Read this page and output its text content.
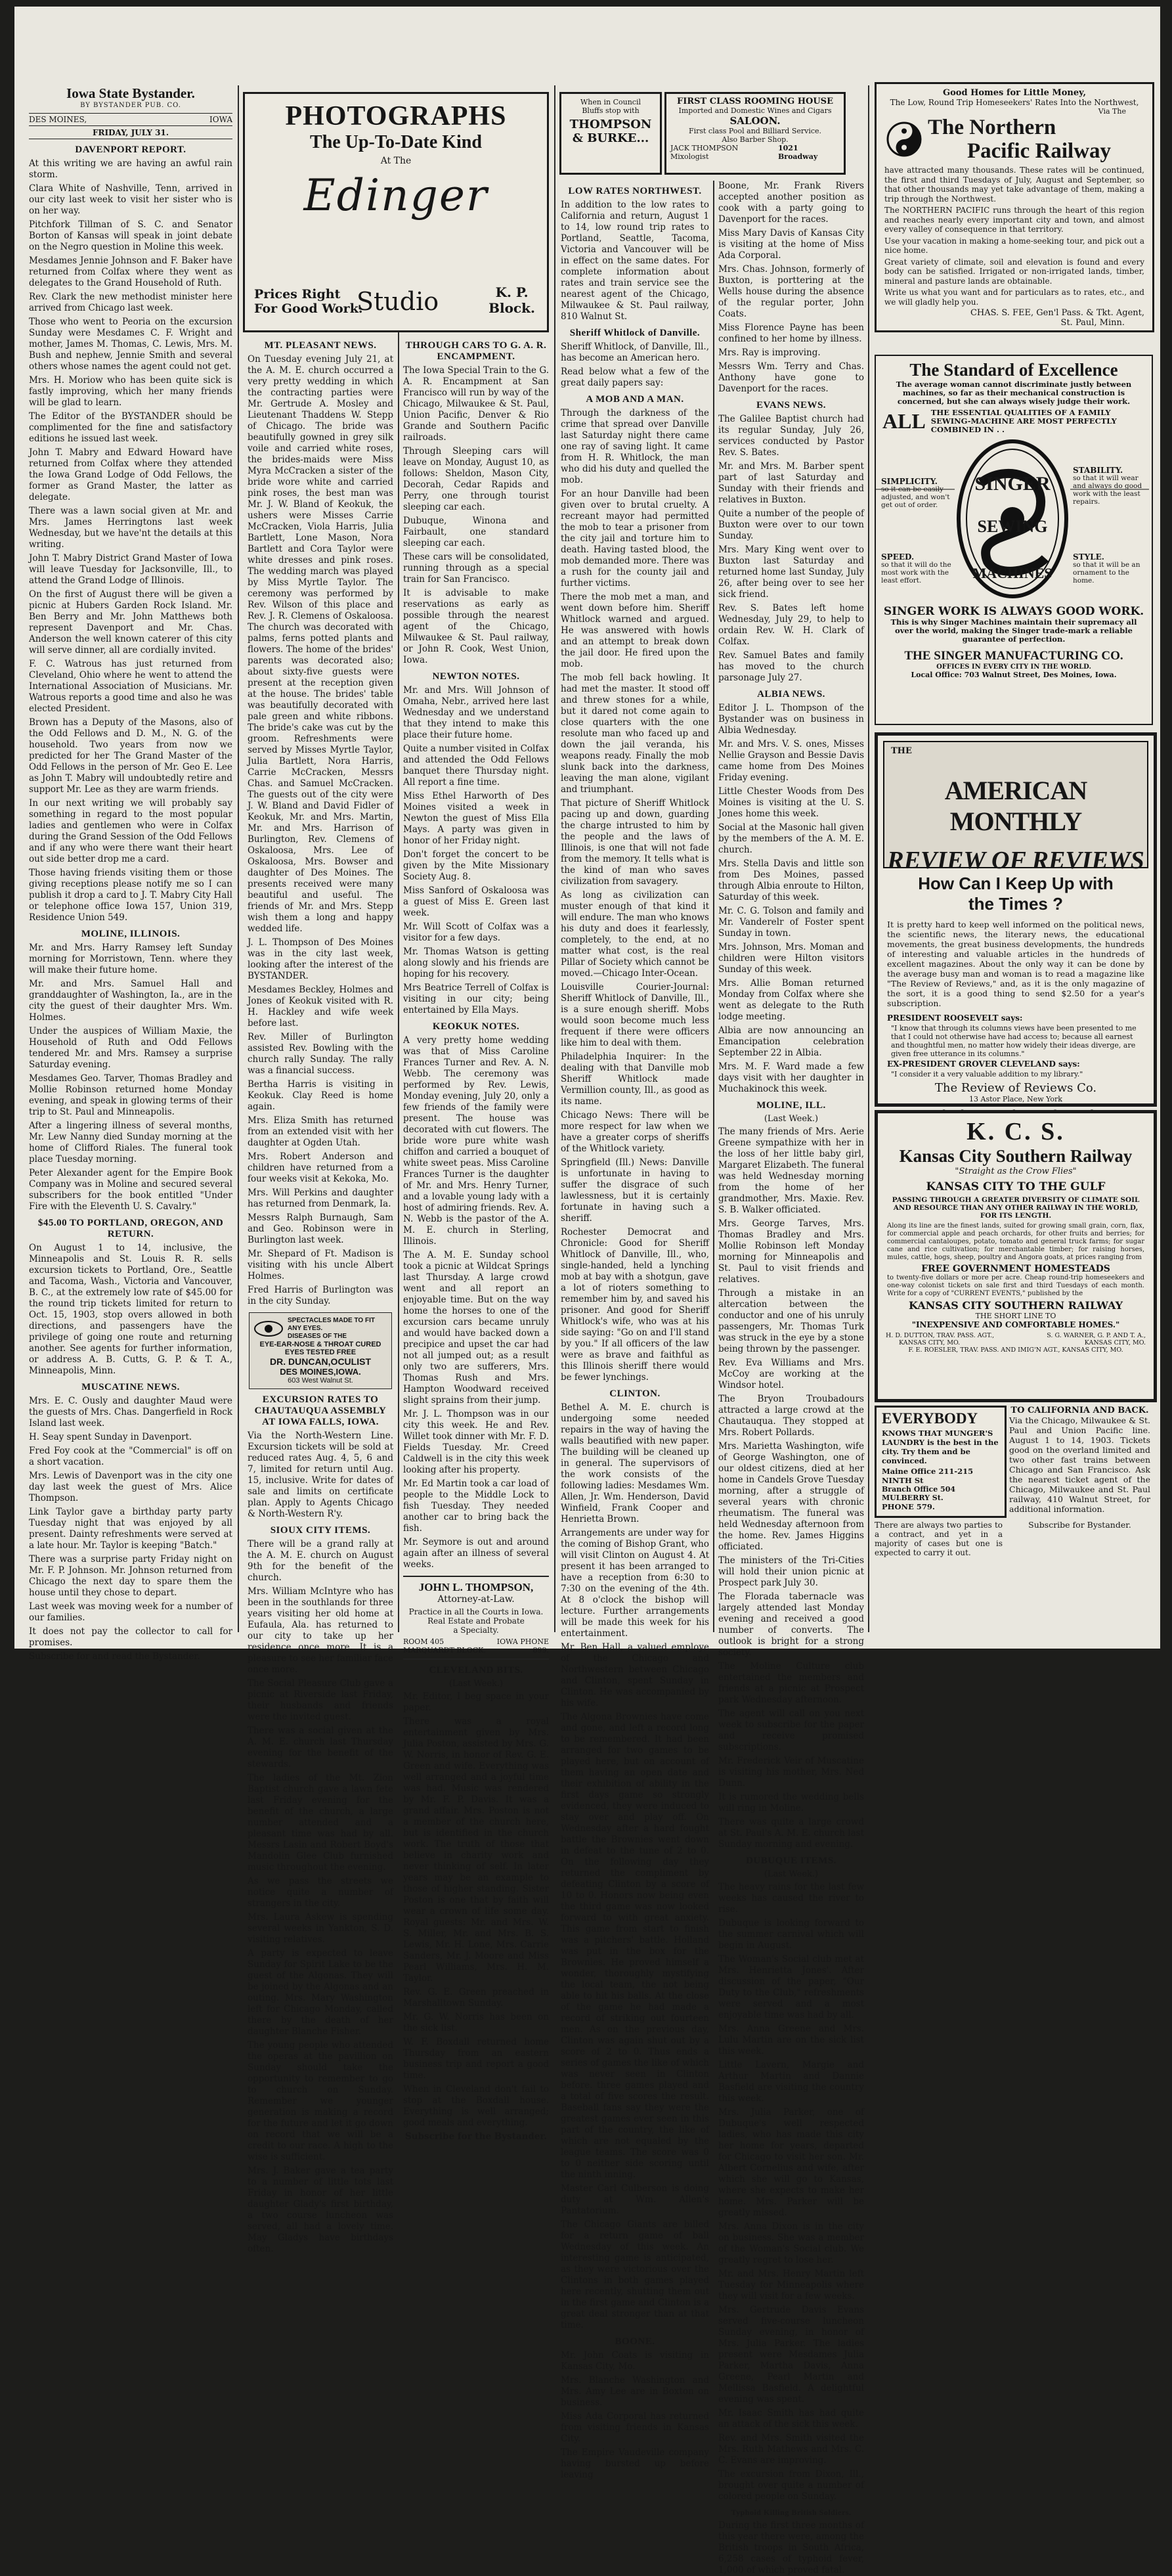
Iowa State Bystander.
BY BYSTANDER PUB. CO.
DES MOINES,	IOWA
FRIDAY, JULY 31.
DAVENPORT REPORT.

At this writing we are having an awful rain storm.

Clara White of Nashville, Tenn, arrived in our city last week to visit her sister who is on her way.

Pitchfork Tillman of S. C. and Senator Borton of Kansas will speak in joint debate on the Negro question in Moline this week.

Mesdames Jennie Johnson and F. Baker have returned from Colfax where they went as delegates to the Grand Household of Ruth.

Rev. Clark the new methodist minister here arrived from Chicago last week.

Those who went to Peoria on the excursion Sunday were Mesdames C. F. Wright and mother, James M. Thomas, C. Lewis, Mrs. M. Bush and nephew, Jennie Smith and several others whose names the agent could not get.

Mrs. H. Moriow who has been quite sick is fastly improving, which her many friends will be glad to learn.

The Editor of the BYSTANDER should be complimented for the fine and satisfactory editions he issued last week.

John T. Mabry and Edward Howard have returned from Colfax where they attended the Iowa Grand Lodge of Odd Fellows, the former as Grand Master, the latter as delegate.

There was a lawn social given at Mr. and Mrs. James Herringtons last week Wednesday, but we have'nt the details at this writing.

John T. Mabry District Grand Master of Iowa will leave Tuesday for Jacksonville, Ill., to attend the Grand Lodge of Illinois.

On the first of August there will be given a picnic at Hubers Garden Rock Island. Mr. Ben Berry and Mr. John Matthews both represent Davenport and Mr. Chas. Anderson the well known caterer of this city will serve dinner, all are cordially invited.

F. C. Watrous has just returned from Cleveland, Ohio where he went to attend the International Association of Musicians. Mr. Watrous reports a good time and also he was elected President.

Brown has a Deputy of the Masons, also of the Odd Fellows and D. M., N. G. of the household. Two years from now we predicted for her The Grand Master of the Odd Fellows in the person of Mr. Geo E. Lee as John T. Mabry will undoubtedly retire and support Mr. Lee as they are warm friends.

In our next writing we will probably say something in regard to the most popular ladies and gentlemen who were in Colfax during the Grand Session of the Odd Fellows and if any who were there want their heart out side better drop me a card.

Those having friends visiting them or those giving receptions please notify me so I can publish it drop a card to J. T. Mabry City Hall or telephone office Iowa 157, Union 319, Residence Union 549.

MOLINE, ILLINOIS.

Mr. and Mrs. Harry Ramsey left Sunday morning for Morristown, Tenn. where they will make their future home.

Mr. and Mrs. Samuel Hall and granddaughter of Washington, Ia., are in the city the guest of their daughter Mrs. Wm. Holmes.

Under the auspices of William Maxie, the Household of Ruth and Odd Fellows tendered Mr. and Mrs. Ramsey a surprise Saturday evening.

Mesdames Geo. Tarver, Thomas Bradley and Mollie Robinson returned home Monday evening, and speak in glowing terms of their trip to St. Paul and Minneapolis.

After a lingering illness of several months, Mr. Lew Nanny died Sunday morning at the home of Clifford Riales. The funeral took place Tuesday morning.

Peter Alexander agent for the Empire Book Company was in Moline and secured several subscribers for the book entitled "Under Fire with the Eleventh U. S. Cavalry."

$45.00 TO PORTLAND, OREGON, AND RETURN.

On August 1 to 14, inclusive, the Minneapolis and St. Louis R. R. sells excursion tickets to Portland, Ore., Seattle and Tacoma, Wash., Victoria and Vancouver, B. C., at the extremely low rate of $45.00 for the round trip tickets limited for return to Oct. 15, 1903, stop overs allowed in both directions, and passengers have the privilege of going one route and returning another. See agents for further information, or address A. B. Cutts, G. P. & T. A., Minneapolis, Minn.

MUSCATINE NEWS.

Mrs. E. C. Ously and daughter Maud were the guests of Mrs. Chas. Dangerfield in Rock Island last week.

H. Seay spent Sunday in Davenport.

Fred Foy cook at the "Commercial" is off on a short vacation.

Mrs. Lewis of Davenport was in the city one day last week the guest of Mrs. Alice Thompson.

Link Taylor gave a birthday party party Tuesday night that was enjoyed by all present. Dainty refreshments were served at a late hour. Mr. Taylor is keeping "Batch."

There was a surprise party Friday night on Mr. F. P. Johnson. Mr. Johnson returned from Chicago the next day to spare them the house until they chose to depart.

Last week was moving week for a number of our families.

It does not pay the collector to call for promises.

Subscribe for and read the Bystander.

PHOTOGRAPHS
The Up-To-Date Kind
At The
Edinger
Prices Right
For Good Work.
Studio	K. P.
Block.
MT. PLEASANT NEWS.

On Tuesday evening July 21, at the A. M. E. church occurred a very pretty wedding in which the contracting parties were Mr. Gertrude A. Mosley and Lieutenant Thaddens W. Stepp of Chicago. The bride was beautifully gowned in grey silk voile and carried white roses, the brides-maids were Miss Myra McCracken a sister of the bride wore white and carried pink roses, the best man was Mr. J. W. Bland of Keokuk, the ushers were Misses Carrie McCracken, Viola Harris, Julia Bartlett, Lone Mason, Nora Bartlett and Cora Taylor were white dresses and pink roses. The wedding march was played by Miss Myrtle Taylor. The ceremony was performed by Rev. Wilson of this place and Rev. J. R. Clemens of Oskaloosa. The church was decorated with palms, ferns potted plants and flowers. The home of the brides' parents was decorated also; about sixty-five guests were present at the reception given at the house. The brides' table was beautifully decorated with pale green and white ribbons. The bride's cake was cut by the groom. Refreshments were served by Misses Myrtle Taylor, Julia Bartlett, Nora Harris, Carrie McCracken, Messrs Chas. and Samuel McCracken. The guests out of the city were J. W. Bland and David Fidler of Keokuk, Mr. and Mrs. Martin, Mr. and Mrs. Harrison of Burlington, Rev. Clemens of Oskaloosa, Mrs. Lee of Oskaloosa, Mrs. Bowser and daughter of Des Moines. The presents received were many beautiful and useful. The friends of Mr. and Mrs. Stepp wish them a long and happy wedded life.

J. L. Thompson of Des Moines was in the city last week, looking after the interest of the BYSTANDER.

Mesdames Beckley, Holmes and Jones of Keokuk visited with R. H. Hackley and wife week before last.

Rev. Miller of Burlington assisted Rev. Bowling with the church rally Sunday. The rally was a financial success.

Bertha Harris is visiting in Keokuk. Clay Reed is home again.

Mrs. Eliza Smith has returned from an extended visit with her daughter at Ogden Utah.

Mrs. Robert Anderson and children have returned from a four weeks visit at Kekoka, Mo.

Mrs. Will Perkins and daughter has returned from Denmark, Ia.

Messrs Ralph Burnaugh, Sam and Geo. Robinson were in Burlington last week.

Mr. Shepard of Ft. Madison is visiting with his uncle Albert Holmes.

Fred Harris of Burlington was in the city Sunday.

SPECTACLES MADE TO FIT ANY EYES.
DISEASES OF THE
EYE-EAR-NOSE & THROAT CURED
EYES TESTED FREE
DR. DUNCAN,OCULIST
DES MOINES,IOWA.
603 West Walnut St.
EXCURSION RATES TO CHAUTAUQUA ASSEMBLY AT IOWA FALLS, IOWA.

Via the North-Western Line. Excursion tickets will be sold at reduced rates Aug. 4, 5, 6 and 7, limited for return until Aug. 15, inclusive. Write for dates of sale and limits on certificate plan. Apply to Agents Chicago & North-Western R'y.

SIOUX CITY ITEMS.

There will be a grand rally at the A. M. E. church on August 9th for the benefit of the church.

Mrs. William McIntyre who has been in the southlands for three years visiting her old home at Eufaula, Ala. has returned to our city to take up her residence once more. It is a pleasure to see her familiar face once more.

The Social Pleasure Club gave a picnic at Riverside last Friday, their husbands and friends were the invited guest.

There was a social given at the A. M. E. church last Thursday evening for the benefit of the stewards.

The ladies of the Mt. Zion Baptist church gave a lawn fete last Friday evening for the benefit of the church, a large number attended and a pleasant time was had by all. Messrs Lasin and Robert Boyd's Mandolin Glee Club furnished music throughout the evening.

As we pass the streets we notice quite a number of strangers in the city.

Mrs. Laura Askew is spending several weeks in Yankton, S. D. visiting relatives.

A party is expected to leave Sunday for Spirit Lake to be the guest of the Algonas. They will be joined by the Algonas and an outing. Mrs. Mary Washington left for Chicago Monday, called there by the death of her daughter Blanche Fisher.

The young people who attended the operas at the pavillion on Sunday should take the opportunity to remember to go to church on Sunday. Remember we younger generation is making a record for the future and let it go down on record that we will be a credit to our race. A high to the wise is sufficient.

Mrs. J. Baker gave a tea party to a number of little tots last Friday in honor of her little daughter Glady's first birthday, a two course luncheon was served, all had a lovely time. May Gladys have birthdays often.

THROUGH CARS TO G. A. R. ENCAMPMENT.

The Iowa Special Train to the G. A. R. Encampment at San Francisco will run by way of the Chicago, Milwaukee & St. Paul, Union Pacific, Denver & Rio Grande and Southern Pacific railroads.

Through Sleeping cars will leave on Monday, August 10, as follows: Sheldon, Mason City, Decorah, Cedar Rapids and Perry, one through tourist sleeping car each.

Dubuque, Winona and Fairbault, one standard sleeping car each.

These cars will be consolidated, running through as a special train for San Francisco.

It is advisable to make reservations as early as possible through the nearest agent of the Chicago, Milwaukee & St. Paul railway, or John R. Cook, West Union, Iowa.

NEWTON NOTES.

Mr. and Mrs. Will Johnson of Omaha, Nebr., arrived here last Wednesday and we understand that they intend to make this place their future home.

Quite a number visited in Colfax and attended the Odd Fellows banquet there Thursday night. All report a fine time.

Miss Ethel Harworth of Des Moines visited a week in Newton the guest of Miss Ella Mays. A party was given in honor of her Friday night.

Don't forget the concert to be given by the Mite Missionary Society Aug. 8.

Miss Sanford of Oskaloosa was a guest of Miss E. Green last week.

Mr. Will Scott of Colfax was a visitor for a few days.

Mr. Thomas Watson is getting along slowly and his friends are hoping for his recovery.

Mrs Beatrice Terrell of Colfax is visiting in our city; being entertained by Ella Mays.

KEOKUK NOTES.

A very pretty home wedding was that of Miss Caroline Frances Turner and Rev. A. N. Webb. The ceremony was performed by Rev. Lewis, Monday evening, July 20, only a few friends of the family were present. The house was decorated with cut flowers. The bride wore pure white wash chiffon and carried a bouquet of white sweet peas. Miss Caroline Frances Turner is the daughter of Mr. and Mrs. Henry Turner, and a lovable young lady with a host of admiring friends. Rev. A. N. Webb is the pastor of the A. M. E. church in Sterling, Illinois.

The A. M. E. Sunday school took a picnic at Wildcat Springs last Thursday. A large crowd went and all report an enjoyable time. But on the way home the horses to one of the excursion cars became unruly and would have backed down a precipice and upset the car had not all jumped out; as a result only two are sufferers, Mrs. Thomas Rush and Mrs. Hampton Woodward received slight sprains from their jump.

Mr. J. L. Thompson was in our city this week. He and Rev. Willet took dinner with Mr. F. D. Fields Tuesday. Mr. Creed Caldwell is in the city this week looking after his property.

Mr. Ed Martin took a car load of people to the Middle Lock to fish Tuesday. They needed another car to bring back the fish.

Mr. Seymore is out and around again after an illness of several weeks.

JOHN L. THOMPSON,
Attorney-at-Law.
Practice in all the Courts in Iowa.
Real Estate and Probate
a Specialty.
ROOM 405
MARQUARDT BLOCK.
IOWA PHONE
899.
CLEVELAND BITS.
(Last Week.)

Mr. Editor, I beg space in your paper.

There was a royal entertainment given by Mrs. Julia Poston, assisted by Mrs. G. W. Norris, in honor of Rev. G. E. Green and wife. Everything was well arranged and a joyful time was had. Music was rendered by Mr. F. P. Davis. It was a grand affair. Mrs. Poston is not a member of the church here, but is identified in the church work. The truth of those that believe in charity work and never thinking of self. In later years may be an example to those of higher standing. Sister Poston is one that by faith will wear a crown of life some day. Royal guests: Mr. and Mrs. W. S. Miller, Mr. and Mrs. B. S. Lewis, Mr. H. Lone, Mrs. Carrie Sanders, Mr. J. Moore and Miss Pearl Williams, Mrs. H. M. Taylor.

Rev. G. E. Green preached in Marshalltown Sunday.

Mr. G. W. Norris has been on the sick list.

W. F. Boxdall returned home Thursday from an eastern business trip and report a good time.

When in Cleveland don't fail to stop at the Boxdall house. Everything is well arranged; good meals and everything.

Subscribe for the Bystander.

When in Council
Bluffs stop with
THOMPSON
& BURKE...
FIRST CLASS ROOMING HOUSE
Imported and Domestic Wines and Cigars
SALOON.
First class Pool and Billiard Service.
Also Barber Shop.
JACK THOMPSON Mixologist
1021 Broadway
LOW RATES NORTHWEST.

In addition to the low rates to California and return, August 1 to 14, low round trip rates to Portland, Seattle, Tacoma, Victoria and Vancouver will be in effect on the same dates. For complete information about rates and train service see the nearest agent of the Chicago, Milwaukee & St. Paul railway, 810 Walnut St.

Sheriff Whitlock of Danville.

Sheriff Whitlock, of Danville, Ill., has become an American hero.

Read below what a few of the great daily papers say:

A MOB AND A MAN.

Through the darkness of the crime that spread over Danville last Saturday night there came one ray of saving light. It came from H. R. Whitlock, the man who did his duty and quelled the mob.

For an hour Danville had been given over to brutal cruelty. A recreant mayor had permitted the mob to tear a prisoner from the city jail and torture him to death. Having tasted blood, the mob demanded more. There was a rush for the county jail and further victims.

There the mob met a man, and went down before him. Sheriff Whitlock warned and argued. He was answered with howls and an attempt to break down the jail door. He fired upon the mob.

The mob fell back howling. It had met the master. It stood off and threw stones for a while, but it dared not come again to close quarters with the one resolute man who faced up and down the jail veranda, his weapons ready. Finally the mob slunk back into the darkness, leaving the man alone, vigilant and triumphant.

That picture of Sheriff Whitlock pacing up and down, guarding the charge intrusted to him by the people and the laws of Illinois, is one that will not fade from the memory. It tells what is the kind of man who saves civilization from savagery.

As long as civilization can muster enough of that kind it will endure. The man who knows his duty and does it fearlessly, completely, to the end, at no matter what cost, is the real Pillar of Society which cannot be moved.—Chicago Inter-Ocean.

Louisville Courier-Journal: Sheriff Whitlock of Danville, Ill., is a sure enough sheriff. Mobs would soon become much less frequent if there were officers like him to deal with them.

Philadelphia Inquirer: In the dealing with that Danville mob Sheriff Whitlock made Vermillion county, Ill., as good as its name.

Chicago News: There will be more respect for law when we have a greater corps of sheriffs of the Whitlock variety.

Springfield (Ill.) News: Danville is unfortunate in having to suffer the disgrace of such lawlessness, but it is certainly fortunate in having such a sheriff.

Rochester Democrat and Chronicle: Good for Sheriff Whitlock of Danville, Ill., who, single-handed, held a lynching mob at bay with a shotgun, gave a lot of rioters something to remember him by, and saved his prisoner. And good for Sheriff Whitlock's wife, who was at his side saying: "Go on and I'll stand by you." If all officers of the law were as brave and faithful as this Illinois sheriff there would be fewer lynchings.

CLINTON.

Bethel A. M. E. church is undergoing some needed repairs in the way of having the walls beautified with new paper. The building will be cleaned up in general. The supervisors of the work consists of the following ladies: Mesdames Wm. Allen, Jr. Wm. Henderson, David Winfield, Frank Cooper and Henrietta Brown.

Arrangements are under way for the coming of Bishop Grant, who will visit Clinton on August 4. At present it has been arranged to have a reception from 6:30 to 7:30 on the evening of the 4th. At 8 o'clock the bishop will lecture. Further arrangements will be made this week for his entertainment.

Mr. Ben Hall, a valued employe of the Chicago and Northwestern between Chicago and Clinton, spent Sunday in Clinton. He was accompanied by his wife.

The Algona Brownies have come and gone, and left a record long to be remembered. It had been arranged for two games to be played here, but on account of them having an open date and their exhibition of ability in the first days game so strongly evidenced, they were induced to stay over and play off. On Wednesday after a hard fought battle the Brownies went down in defeat to the tune of 2 to 0. On the following day they returned the compliment by defeating Clinton by a score of 10 to 0. Honors now being even the third game was now looked forward to with great anxiety. This game from start to finish was a pitchers' battle. Holland was put in the box for the Brownies. He proved himself a wonder, thoroughly mystifying the local team, the not being able to hit his balls. At the close of the game he had made a record of striking out fourteen men. As on the previous day, Clinton was again shut out by a score of 2 to 0. Thus ends a series of games the like of which was never seen in Clinton before. three games played and a total of five scores the result. Baseball fans say they were the greatest games ever seen in this part of the country, the like of which are not equaled by the league teams. The score was 0 to 0 neither side scoring until the ninth inning.

Master Carl Culberson is doing duty at Wm. Allen's Pantatorium.

The Chicago Giants are billed for a return game of ball Wednesday of this week. An interesting game is anticipated, as they were victorious over the Clintons in both games played here recently, shutting them out in the first game and Clinton is a great deal stronger than at that time.

BOONE.

Mr. John Coats is visiting in Kansas City, Mo.

Mrs. Blanche Washington and Mrs. Amy Lee are in Boxton on business.

Miss Ada Corporal has returned from visiting friends in Kansas City.

The Empire Vaudeville company having bursted up before leaving

Boone, Mr. Frank Rivers accepted another position as cook with a party going to Davenport for the races.

Miss Mary Davis of Kansas City is visiting at the home of Miss Ada Corporal.

Mrs. Chas. Johnson, formerly of Buxton, is porttering at the Wells house during the absence of the regular porter, John Coats.

Miss Florence Payne has been confined to her home by illness.

Mrs. Ray is improving.

Messrs Wm. Terry and Chas. Anthony have gone to Davenport for the races.

EVANS NEWS.

The Galilee Baptist church had its regular Sunday, July 26, services conducted by Pastor Rev. S. Bates.

Mr. and Mrs. M. Barber spent part of last Saturday and Sunday with their friends and relatives in Buxton.

Quite a number of the people of Buxton were over to our town Sunday.

Mrs. Mary King went over to Buxton last Saturday and returned home last Sunday, July 26, after being over to see her sick friend.

Rev. S. Bates left home Wednesday, July 29, to help to ordain Rev. W. H. Clark of Colfax.

Rev. Samuel Bates and family has moved to the church parsonage July 27.

ALBIA NEWS.

Editor J. L. Thompson of the Bystander was on business in Albia Wednesday.

Mr. and Mrs. V. S. ones, Misses Nellie Grayson and Bessie Davis came home from Des Moines Friday evening.

Little Chester Woods from Des Moines is visiting at the U. S. Jones home this week.

Social at the Masonic hall given by the members of the A. M. E. church.

Mrs. Stella Davis and little son from Des Moines, passed through Albia enroute to Hilton, Saturday of this week.

Mr. C. G. Tolson and family and Mr. Vanderelr of Foster spent Sunday in town.

Mrs. Johnson, Mrs. Moman and children were Hilton visitors Sunday of this week.

Mrs. Allie Boman returned Monday from Colfax where she went as delegate to the Ruth lodge meeting.

Albia are now announcing an Emancipation celebration September 22 in Albia.

Mrs. M. F. Ward made a few days visit with her daughter in Muchakinock this week.

MOLINE, ILL.
(Last Week.)

The many friends of Mrs. Aerie Greene sympathize with her in the loss of her little baby girl, Margaret Elizabeth. The funeral was held Wednesday morning from the home of her grandmother, Mrs. Maxie. Rev. S. B. Walker officiated.

Mrs. George Tarves, Mrs. Thomas Bradley and Mrs. Mollie Robinson left Monday morning for Minneapolis and St. Paul to visit friends and relatives.

Through a mistake in an altercation between the conductor and one of his unruly passengers, Mr. Thomas Turk was struck in the eye by a stone being thrown by the passenger.

Rev. Eva Williams and Mrs. McCoy are working at the Windsor hotel.

The Bryon Troubadours attracted a large crowd at the Chautauqua. They stopped at Mrs. Robert Pollards.

Mrs. Marietta Washington, wife of George Washington, one of our oldest citizens, died at her home in Candels Grove Tuesday morning, after a struggle of several years with chronic rheumatism. The funeral was held Wednesday afternoon from the home. Rev. James Higgins officiated.

The ministers of the Tri-Cities will hold their union picnic at Prospect park July 30.

The Florada tabernacle was largely attended last Monday evening and received a good number of converts. The outlook is bright for a strong society.

The Moline Culture club entertained the members and friends at a picnic at Prospect park Wednesday afternoon.

The agent will call on you next week to subscribe for the paper and receive promised subscriptions.

Mr. Frederick Veir of Muscatine is visiting his mother, Mrs. Ned Dunn.

It is rumored the wedding bells will ring in Moline.

There was quite a large crowd at St. Paul's A. M. E. church last Sunday morning and evening.

DUBUQUE ITEMS.
(Last Week.)

The heavy rains for the last few weeks has caused the river to rise.

Dubuque is looking forward to the summer carnival which will begin in August.

The Woman's Social club met at Mrs. Henrietta Jones'. After discussion of the paper, "Our Duty to the Club," refreshments were served and a most enjoyable time was had by all.

Mrs. Anna Greene and Mrs. Lulu Martin are on the sick list this week.

Little Lavern, Margie and Arthur Martin and Dannie Basfield are visiting the country this week.

Mrs. Julia Parker, one of Dubuque's well respected ladies, who has made this city her home for years, departed for Chicago to visit her son. Mr. Albert Cornelius and wife, after which she will go to Kansas, where she expects to make her home. Mrs. Parker will be greatly missed.

Mrs. Anna Dixon is in the city on business. She was a member of the Woman's Social club. We greatly regret to lose her.

Mr. and Mrs. Henry Martin left Tuesday for Minneapolis where they will visit for a few weeks.

Mrs. Gertrude Davis Evans served five-course luncheon Sunday evening, in honor of Mrs. Julia Parker. The ladies present were Mesdames Julia Parker, Martha Davis, Anna Greene, Pearl Martin and Mellissa Basfield. A delightful evening was spent.

Mr. Isaac Smith has had quite an attack of the sick this week.

Rev. and Mrs. Smith visited the Mrs. Ruth Mathews and Mrs. C. C. Evans are improving.

The excursion from Dixon, Ill., brought over quite a number of colored people on Sunday.

Typhoid Killing British Soldiers.

During the first three months of this year there were, among the British troops in South Africa, 6,258 cases of typhoid fever, 1,000 of which proved fatal.

Good Homes for Little Money,
The Low, Round Trip Homeseekers' Rates Into the Northwest,
Via The
The Northern
Pacific Railway

have attracted many thousands. These rates will be continued, the first and third Tuesdays of July, August and September, so that other thousands may yet take advantage of them, making a trip through the Northwest.

The NORTHERN PACIFIC runs through the heart of this region and reaches nearly every important city and town, and almost every valley of consequence in that territory.

Use your vacation in making a home-seeking tour, and pick out a nice home.

Great variety of climate, soil and elevation is found and every body can be satisfied. Irrigated or non-irrigated lands, timber, mineral and pasture lands are obtainable.

Write us what you want and for particulars as to rates, etc., and we will gladly help you.

CHAS. S. FEE, Gen'l Pass. & Tkt. Agent,
St. Paul, Minn.
The Standard of Excellence
The average woman cannot discriminate justly between machines, so far as their mechanical construction is concerned, but she can always wisely judge their work.
ALL THE ESSENTIAL QUALITIES OF A FAMILY SEWING-MACHINE ARE MOST PERFECTLY COMBINED IN . .
SINGER
SEWING
MACHINES
SIMPLICITY.
so it can be easily adjusted, and won't get out of order.
STABILITY.
so that it will wear and always do good work with the least repairs.
SPEED.
so that it will do the most work with the least effort.
STYLE.
so that it will be an ornament to the home.
SINGER WORK IS ALWAYS GOOD WORK.
This is why Singer Machines maintain their supremacy all over the world, making the Singer trade-mark a reliable guarantee of perfection.
THE SINGER MANUFACTURING CO.
OFFICES IN EVERY CITY IN THE WORLD.
Local Office: 703 Walnut Street, Des Moines, Iowa.
THE
AMERICAN MONTHLY
REVIEW OF REVIEWS
How Can I Keep Up with
the Times ?

It is pretty hard to keep well informed on the political news, the scientific news, the literary news, the educational movements, the great business developments, the hundreds of interesting and valuable articles in the hundreds of excellent magazines. About the only way it can be done by the average busy man and woman is to read a magazine like "The Review of Reviews," and, as it is the only magazine of the sort, it is a good thing to send $2.50 for a year's subscription.

PRESIDENT ROOSEVELT says:

"I know that through its columns views have been presented to me that I could not otherwise have had access to; because all earnest and thoughtful men, no matter how widely their ideas diverge, are given free utterance in its columns."

EX-PRESIDENT GROVER CLEVELAND says:

"I consider it a very valuable addition to my library."

The Review of Reviews Co.
13 Astor Place, New York
K. C. S.
Kansas City Southern Railway
"Straight as the Crow Flies"
KANSAS CITY TO THE GULF
PASSING THROUGH A GREATER DIVERSITY OF CLIMATE SOIL AND RESOURCE THAN ANY OTHER RAILWAY IN THE WORLD, FOR ITS LENGTH.
Along its line are the finest lands, suited for growing small grain, corn, flax, for commercial apple and peach orchards, for other fruits and berries; for commercial cantaloupes, potato, tomato and general truck farms; for sugar cane and rice cultivation; for merchantable timber; for raising horses, mules, cattle, hogs, sheep, poultry and Angora goats, at prices ranging from
FREE GOVERNMENT HOMESTEADS
to twenty-five dollars or more per acre. Cheap round-trip homeseekers and one-way colonist tickets on sale first and third Tuesdays of each month. Write for a copy of "CURRENT EVENTS," published by the
KANSAS CITY SOUTHERN RAILWAY
THE SHORT LINE TO
"INEXPENSIVE AND COMFORTABLE HOMES."
H. D. DUTTON, TRAV. PASS. AGT.,
KANSAS CITY, MO.
S. G. WARNER, G. P. AND T. A.,
KANSAS CITY, MO.
F. E. ROESLER, TRAV. PASS. AND IMIG'N AGT., KANSAS CITY, MO.
EVERYBODY
KNOWS THAT MUNGER'S LAUNDRY is the best in the city. Try them and be convinced.
Maine Office 211-215 NINTH St
Branch Office 504 MULBERRY St.
PHONE 579.
There are always two parties to a contract, and yet in a majority of cases but one is expected to carry it out.
TO CALIFORNIA AND BACK.

Via the Chicago, Milwaukee & St. Paul and Union Pacific line. August 1 to 14, 1903. Tickets good on the overland limited and two other fast trains between Chicago and San Francisco. Ask the nearest ticket agent of the Chicago, Milwaukee and St. Paul railway, 410 Walnut Street, for additional information.

Subscribe for Bystander.
